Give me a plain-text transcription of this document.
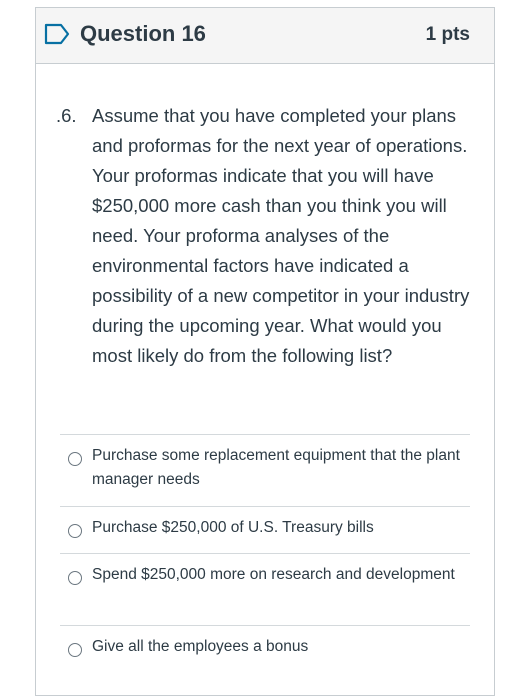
Question 16	1 pts
.6. Assume that you have completed your plans and proformas for the next year of operations. Your proformas indicate that you will have $250,000 more cash than you think you will need. Your proforma analyses of the environmental factors have indicated a possibility of a new competitor in your industry during the upcoming year. What would you most likely do from the following list?
Purchase some replacement equipment that the plant manager needs
Purchase $250,000 of U.S. Treasury bills
Spend $250,000 more on research and development
Give all the employees a bonus
